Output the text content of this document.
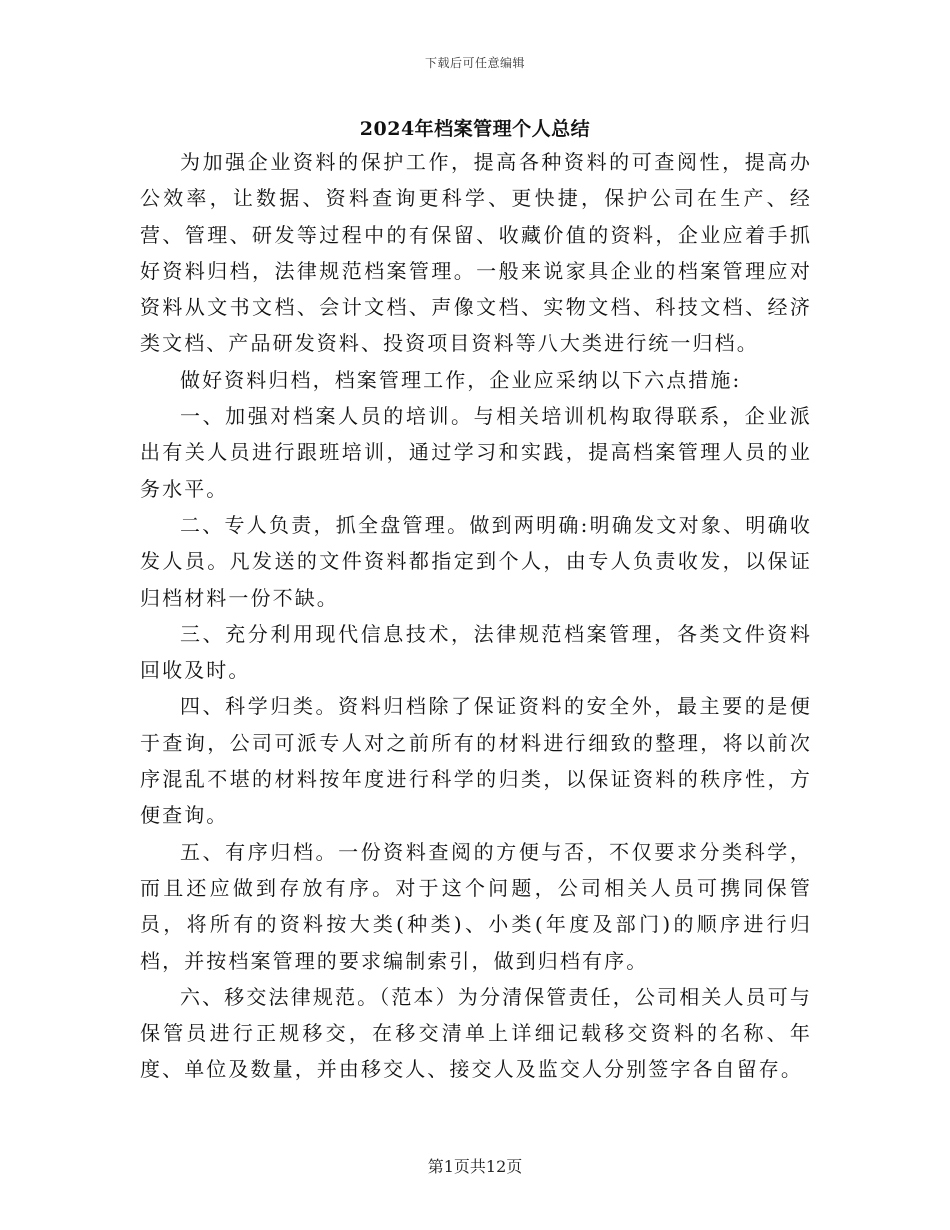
下载后可任意编辑
2024年档案管理个人总结

为加强企业资料的保护工作，提高各种资料的可查阅性，提高办公效率，让数据、资料查询更科学、更快捷，保护公司在生产、经营、管理、研发等过程中的有保留、收藏价值的资料，企业应着手抓好资料归档，法律规范档案管理。一般来说家具企业的档案管理应对资料从文书文档、会计文档、声像文档、实物文档、科技文档、经济类文档、产品研发资料、投资项目资料等八大类进行统一归档。

做好资料归档，档案管理工作，企业应采纳以下六点措施:

一、加强对档案人员的培训。与相关培训机构取得联系，企业派出有关人员进行跟班培训，通过学习和实践，提高档案管理人员的业务水平。

二、专人负责，抓全盘管理。做到两明确:明确发文对象、明确收发人员。凡发送的文件资料都指定到个人，由专人负责收发，以保证归档材料一份不缺。

三、充分利用现代信息技术，法律规范档案管理，各类文件资料回收及时。

四、科学归类。资料归档除了保证资料的安全外，最主要的是便于查询，公司可派专人对之前所有的材料进行细致的整理，将以前次序混乱不堪的材料按年度进行科学的归类，以保证资料的秩序性，方便查询。

五、有序归档。一份资料查阅的方便与否，不仅要求分类科学，而且还应做到存放有序。对于这个问题，公司相关人员可携同保管员，将所有的资料按大类(种类)、小类(年度及部门)的顺序进行归档，并按档案管理的要求编制索引，做到归档有序。

六、移交法律规范。（范本）为分清保管责任，公司相关人员可与保管员进行正规移交，在移交清单上详细记载移交资料的名称、年度、单位及数量，并由移交人、接交人及监交人分别签字各自留存。

第1页共12页
